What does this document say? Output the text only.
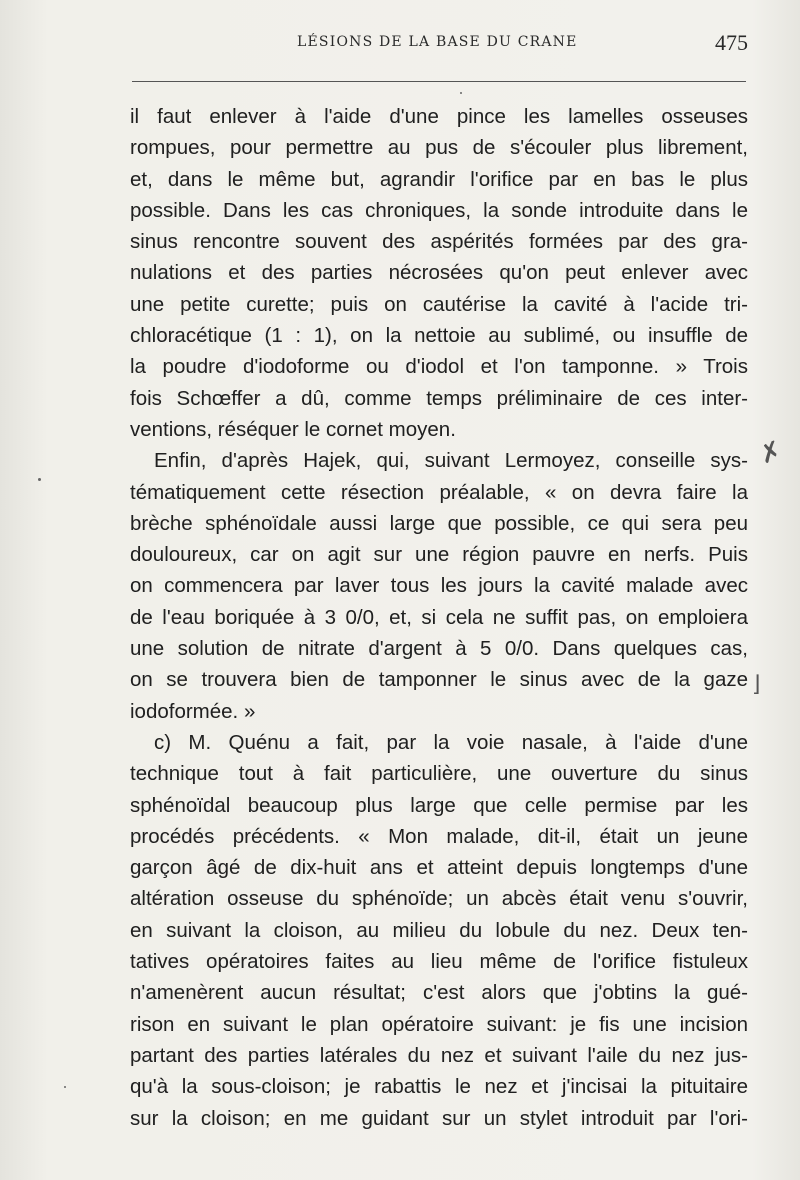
LÉSIONS DE LA BASE DU CRANE	475
il faut enlever à l'aide d'une pince les lamelles osseuses
rompues, pour permettre au pus de s'écouler plus librement,
et, dans le même but, agrandir l'orifice par en bas le plus
possible. Dans les cas chroniques, la sonde introduite dans le
sinus rencontre souvent des aspérités formées par des gra-
nulations et des parties nécrosées qu'on peut enlever avec
une petite curette; puis on cautérise la cavité à l'acide tri-
chloracétique (1 : 1), on la nettoie au sublimé, ou insuffle de
la poudre d'iodoforme ou d'iodol et l'on tamponne. » Trois
fois Schœffer a dû, comme temps préliminaire de ces inter-
ventions, réséquer le cornet moyen.
Enfin, d'après Hajek, qui, suivant Lermoyez, conseille sys-
tématiquement cette résection préalable, « on devra faire la
brèche sphénoïdale aussi large que possible, ce qui sera peu
douloureux, car on agit sur une région pauvre en nerfs. Puis
on commencera par laver tous les jours la cavité malade avec
de l'eau boriquée à 3 0/0, et, si cela ne suffit pas, on emploiera
une solution de nitrate d'argent à 5 0/0. Dans quelques cas,
on se trouvera bien de tamponner le sinus avec de la gaze
iodoformée. »
c) M. Quénu a fait, par la voie nasale, à l'aide d'une
technique tout à fait particulière, une ouverture du sinus
sphénoïdal beaucoup plus large que celle permise par les
procédés précédents. « Mon malade, dit-il, était un jeune
garçon âgé de dix-huit ans et atteint depuis longtemps d'une
altération osseuse du sphénoïde; un abcès était venu s'ouvrir,
en suivant la cloison, au milieu du lobule du nez. Deux ten-
tatives opératoires faites au lieu même de l'orifice fistuleux
n'amenèrent aucun résultat; c'est alors que j'obtins la gué-
rison en suivant le plan opératoire suivant: je fis une incision
partant des parties latérales du nez et suivant l'aile du nez jus-
qu'à la sous-cloison; je rabattis le nez et j'incisai la pituitaire
sur la cloison; en me guidant sur un stylet introduit par l'ori-
✗
⌋
